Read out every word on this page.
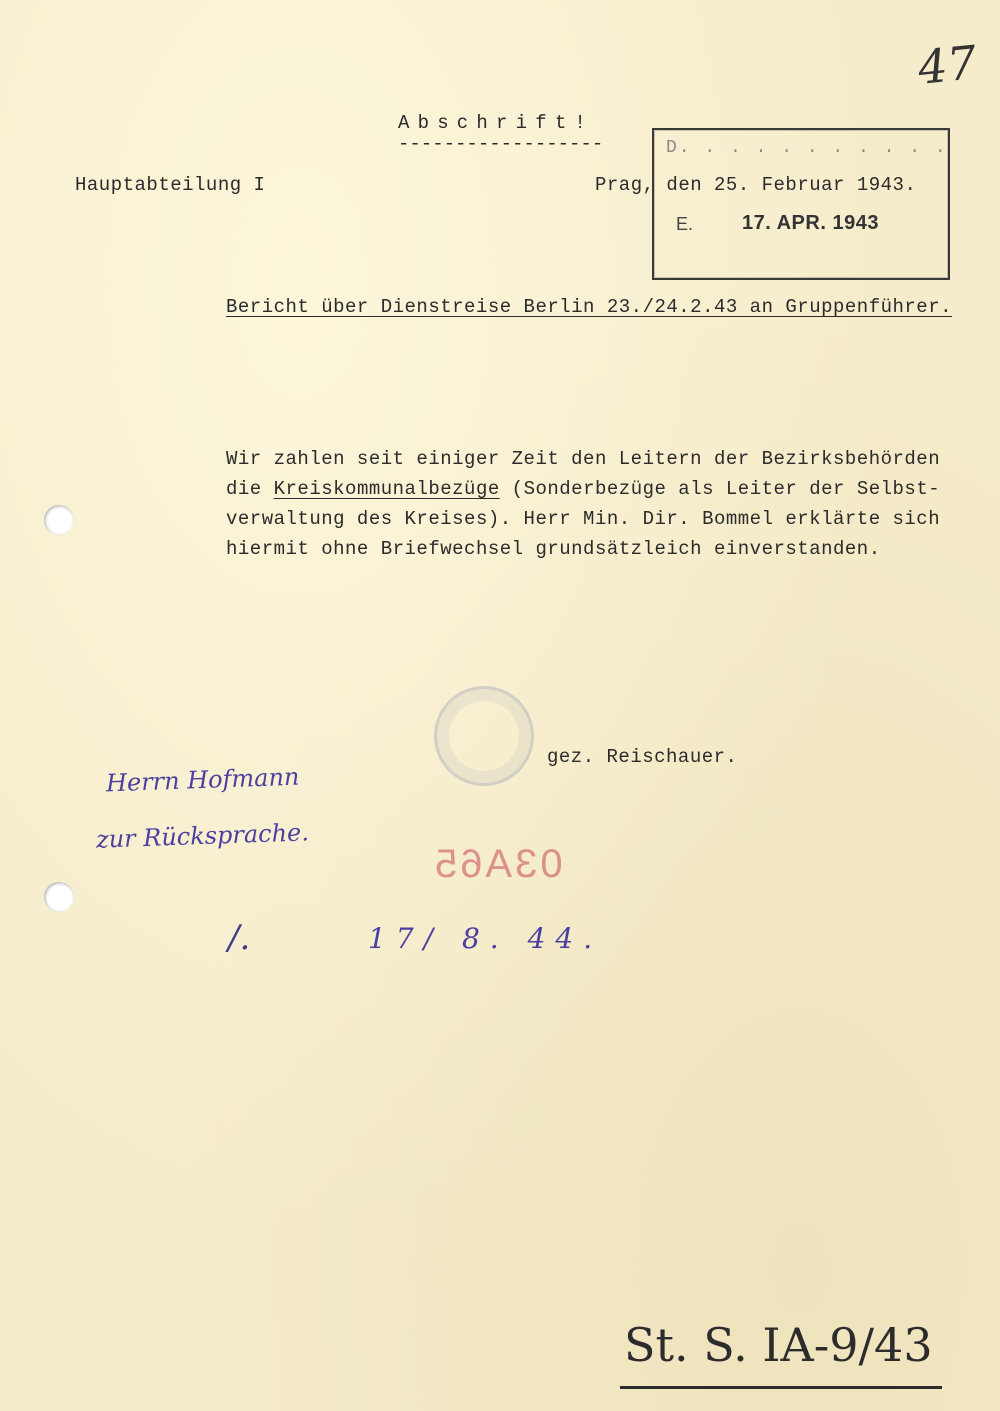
47
Abschrift!
------------------
Hauptabteilung I	Prag, den 25. Februar 1943.
D. . . . . . . . . . .
E. 17. APR. 1943
Bericht über Dienstreise Berlin 23./24.2.43 an Gruppenführer.
Wir zahlen seit einiger Zeit den Leitern der Bezirksbehörden
die Kreiskommunalbezüge (Sonderbezüge als Leiter der Selbst-
verwaltung des Kreises). Herr Min. Dir. Bommel erklärte sich
hiermit ohne Briefwechsel grundsätzleich einverstanden.
gez. Reischauer.
Herrn Hofmann
zur Rücksprache.
/.	17/ 8. 44.
03A65
St. S. IA-9/43
